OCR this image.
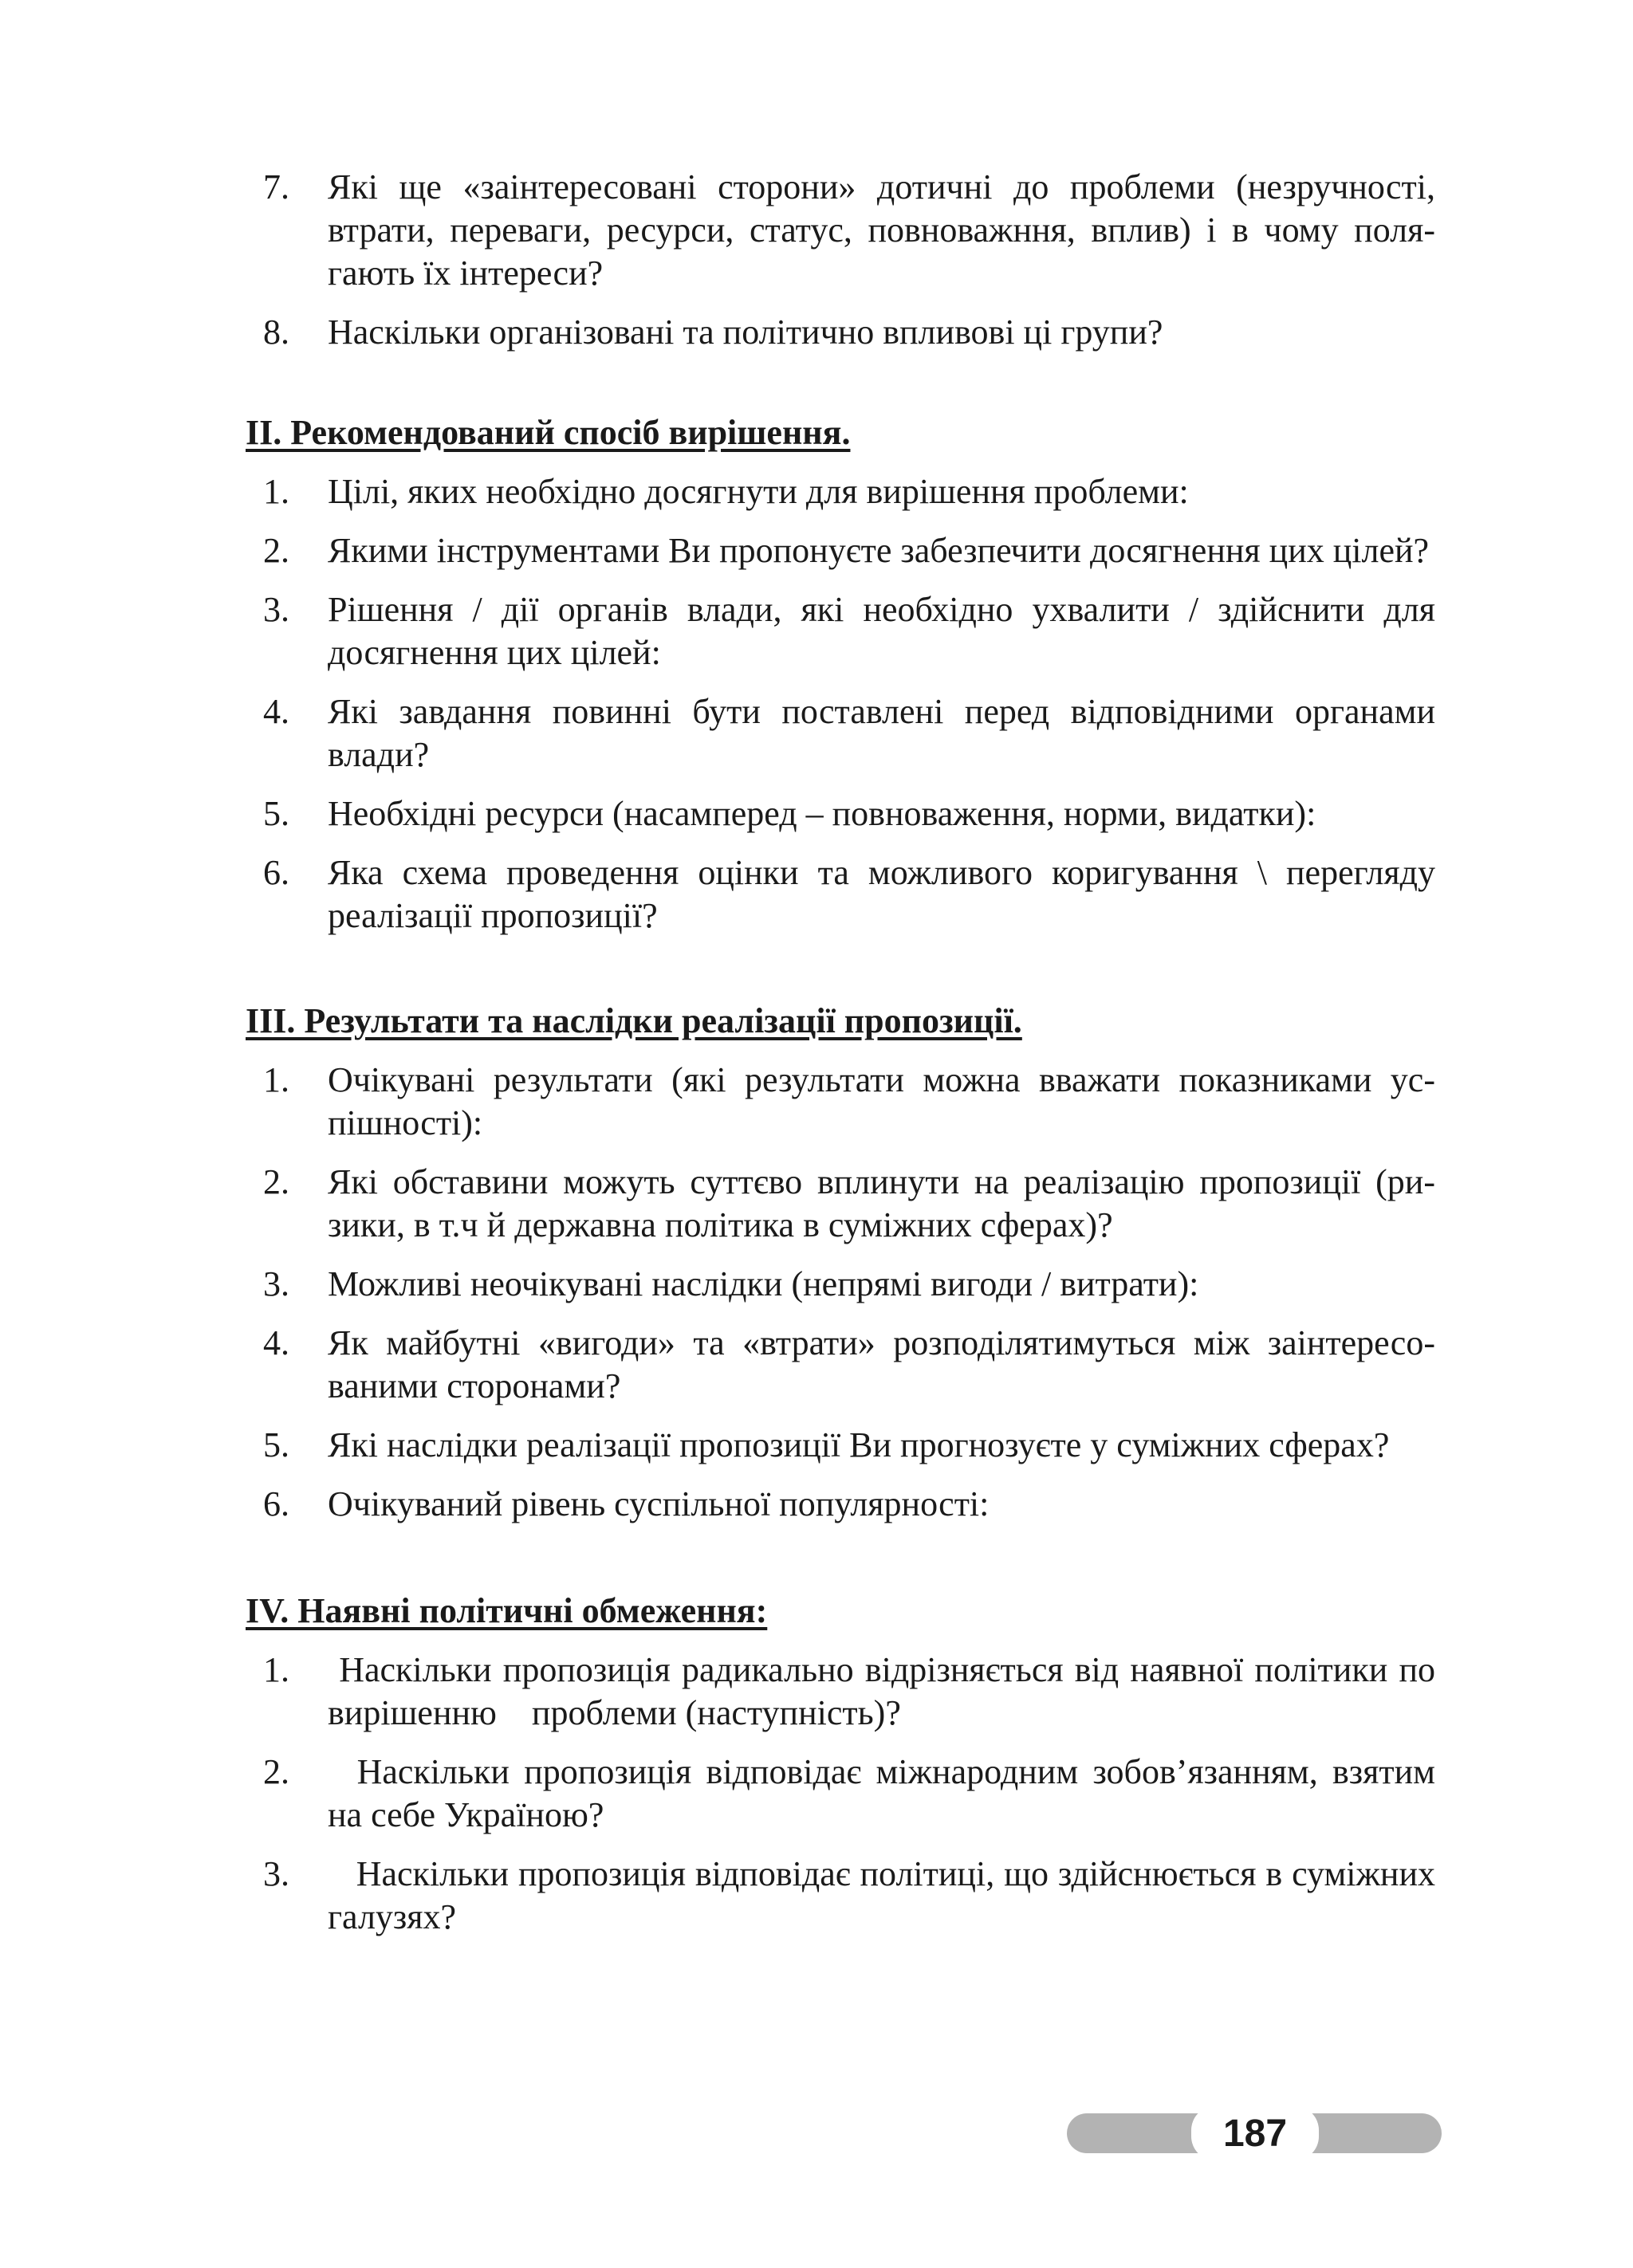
7.	Які ще «заінтересовані сторони» дотичні до проблеми (незручності, втрати, переваги, ресурси, статус, повноважння, вплив) і в чому полягають їх інтереси?
8.	Наскільки організовані та політично впливові ці групи?
ІІ. Рекомендований спосіб вирішення.
1.	Цілі, яких необхідно досягнути для вирішення проблеми:
2.	Якими інструментами Ви пропонуєте забезпечити досягнення цих цілей?
3.	Рішення / дії органів влади, які необхідно ухвалити / здійснити для досягнення цих цілей:
4.	Які завдання повинні бути поставлені перед відповідними органами влади?
5.	Необхідні ресурси (насамперед – повноваження, норми, видатки):
6.	Яка схема проведення оцінки та можливого коригування \ перегляду реалізації пропозиції?
ІІІ. Результати та наслідки реалізації пропозиції.
1.	Очікувані результати (які результати можна вважати показниками успішності):
2.	Які обставини можуть суттєво вплинути на реалізацію пропозиції (ризики, в т.ч й державна політика в суміжних сферах)?
3.	Можливі неочікувані наслідки (непрямі вигоди / витрати):
4.	Як майбутні «вигоди» та «втрати» розподілятимуться між заінтересованими сторонами?
5.	Які наслідки реалізації пропозиції Ви прогнозуєте у суміжних сферах?
6.	Очікуваний рівень суспільної популярності:
ІV. Наявні політичні обмеження:
1.	Наскільки пропозиція радикально відрізняється від наявної політики по вирішенню    проблеми (наступність)?
2.	Наскільки пропозиція відповідає міжнародним зобов’язанням, взятим на себе Україною?
3.	Наскільки пропозиція відповідає політиці, що здійснюється в суміжних галузях?
187
